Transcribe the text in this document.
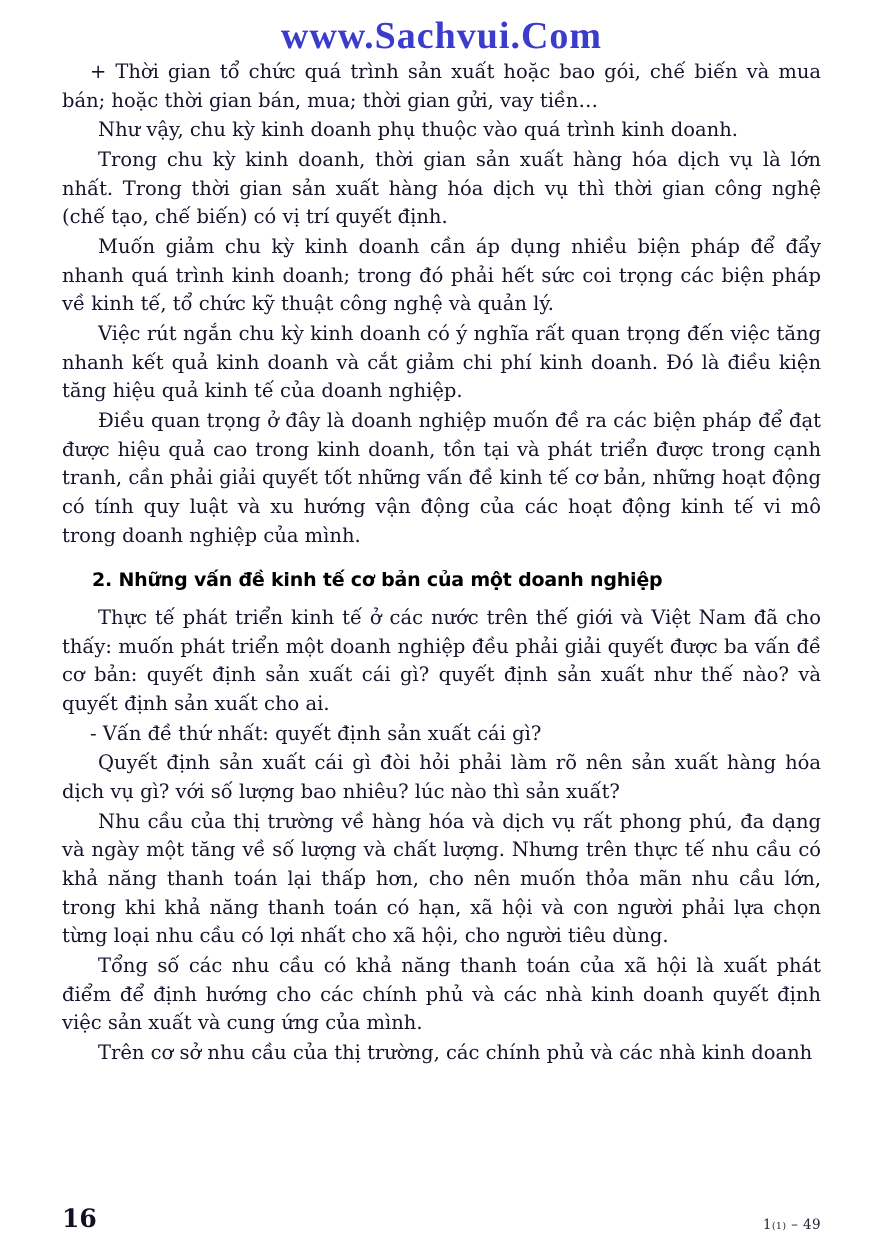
www.Sachvui.Com

+ Thời gian tổ chức quá trình sản xuất hoặc bao gói, chế biến và mua bán; hoặc thời gian bán, mua; thời gian gửi, vay tiền…

Như vậy, chu kỳ kinh doanh phụ thuộc vào quá trình kinh doanh.

Trong chu kỳ kinh doanh, thời gian sản xuất hàng hóa dịch vụ là lớn nhất. Trong thời gian sản xuất hàng hóa dịch vụ thì thời gian công nghệ (chế tạo, chế biến) có vị trí quyết định.

Muốn giảm chu kỳ kinh doanh cần áp dụng nhiều biện pháp để đẩy nhanh quá trình kinh doanh; trong đó phải hết sức coi trọng các biện pháp về kinh tế, tổ chức kỹ thuật công nghệ và quản lý.

Việc rút ngắn chu kỳ kinh doanh có ý nghĩa rất quan trọng đến việc tăng nhanh kết quả kinh doanh và cắt giảm chi phí kinh doanh. Đó là điều kiện tăng hiệu quả kinh tế của doanh nghiệp.

Điều quan trọng ở đây là doanh nghiệp muốn đề ra các biện pháp để đạt được hiệu quả cao trong kinh doanh, tồn tại và phát triển được trong cạnh tranh, cần phải giải quyết tốt những vấn đề kinh tế cơ bản, những hoạt động có tính quy luật và xu hướng vận động của các hoạt động kinh tế vi mô trong doanh nghiệp của mình.

2. Những vấn đề kinh tế cơ bản của một doanh nghiệp

Thực tế phát triển kinh tế ở các nước trên thế giới và Việt Nam đã cho thấy: muốn phát triển một doanh nghiệp đều phải giải quyết được ba vấn đề cơ bản: quyết định sản xuất cái gì? quyết định sản xuất như thế nào? và quyết định sản xuất cho ai.

- Vấn đề thứ nhất: quyết định sản xuất cái gì?

Quyết định sản xuất cái gì đòi hỏi phải làm rõ nên sản xuất hàng hóa dịch vụ gì? với số lượng bao nhiêu? lúc nào thì sản xuất?

Nhu cầu của thị trường về hàng hóa và dịch vụ rất phong phú, đa dạng và ngày một tăng về số lượng và chất lượng. Nhưng trên thực tế nhu cầu có khả năng thanh toán lại thấp hơn, cho nên muốn thỏa mãn nhu cầu lớn, trong khi khả năng thanh toán có hạn, xã hội và con người phải lựa chọn từng loại nhu cầu có lợi nhất cho xã hội, cho người tiêu dùng.

Tổng số các nhu cầu có khả năng thanh toán của xã hội là xuất phát điểm để định hướng cho các chính phủ và các nhà kinh doanh quyết định việc sản xuất và cung ứng của mình.

Trên cơ sở nhu cầu của thị trường, các chính phủ và các nhà kinh doanh

16	1(1) – 49
